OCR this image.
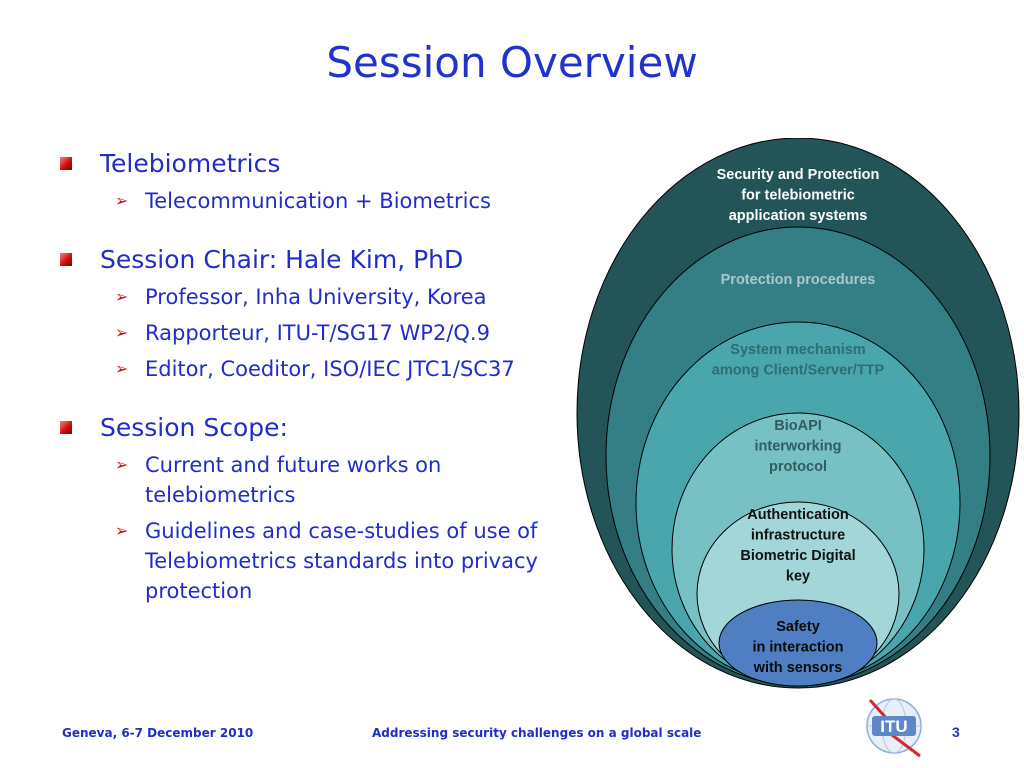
Session Overview
Telebiometrics
➢ Telecommunication + Biometrics
Session Chair: Hale Kim, PhD
➢ Professor, Inha University, Korea
➢ Rapporteur, ITU-T/SG17 WP2/Q.9
➢ Editor, Coeditor, ISO/IEC JTC1/SC37
Session Scope:
➢ Current and future works on telebiometrics
➢ Guidelines and case-studies of use of Telebiometrics standards into privacy protection
Security and Protection
for telebiometric
application systems
Protection procedures
System mechanism
among Client/Server/TTP
BioAPI
interworking
protocol
Authentication
infrastructure
Biometric Digital
key
Safety
in interaction
with sensors
Geneva, 6-7 December 2010	Addressing security challenges on a global scale	3
ITU
